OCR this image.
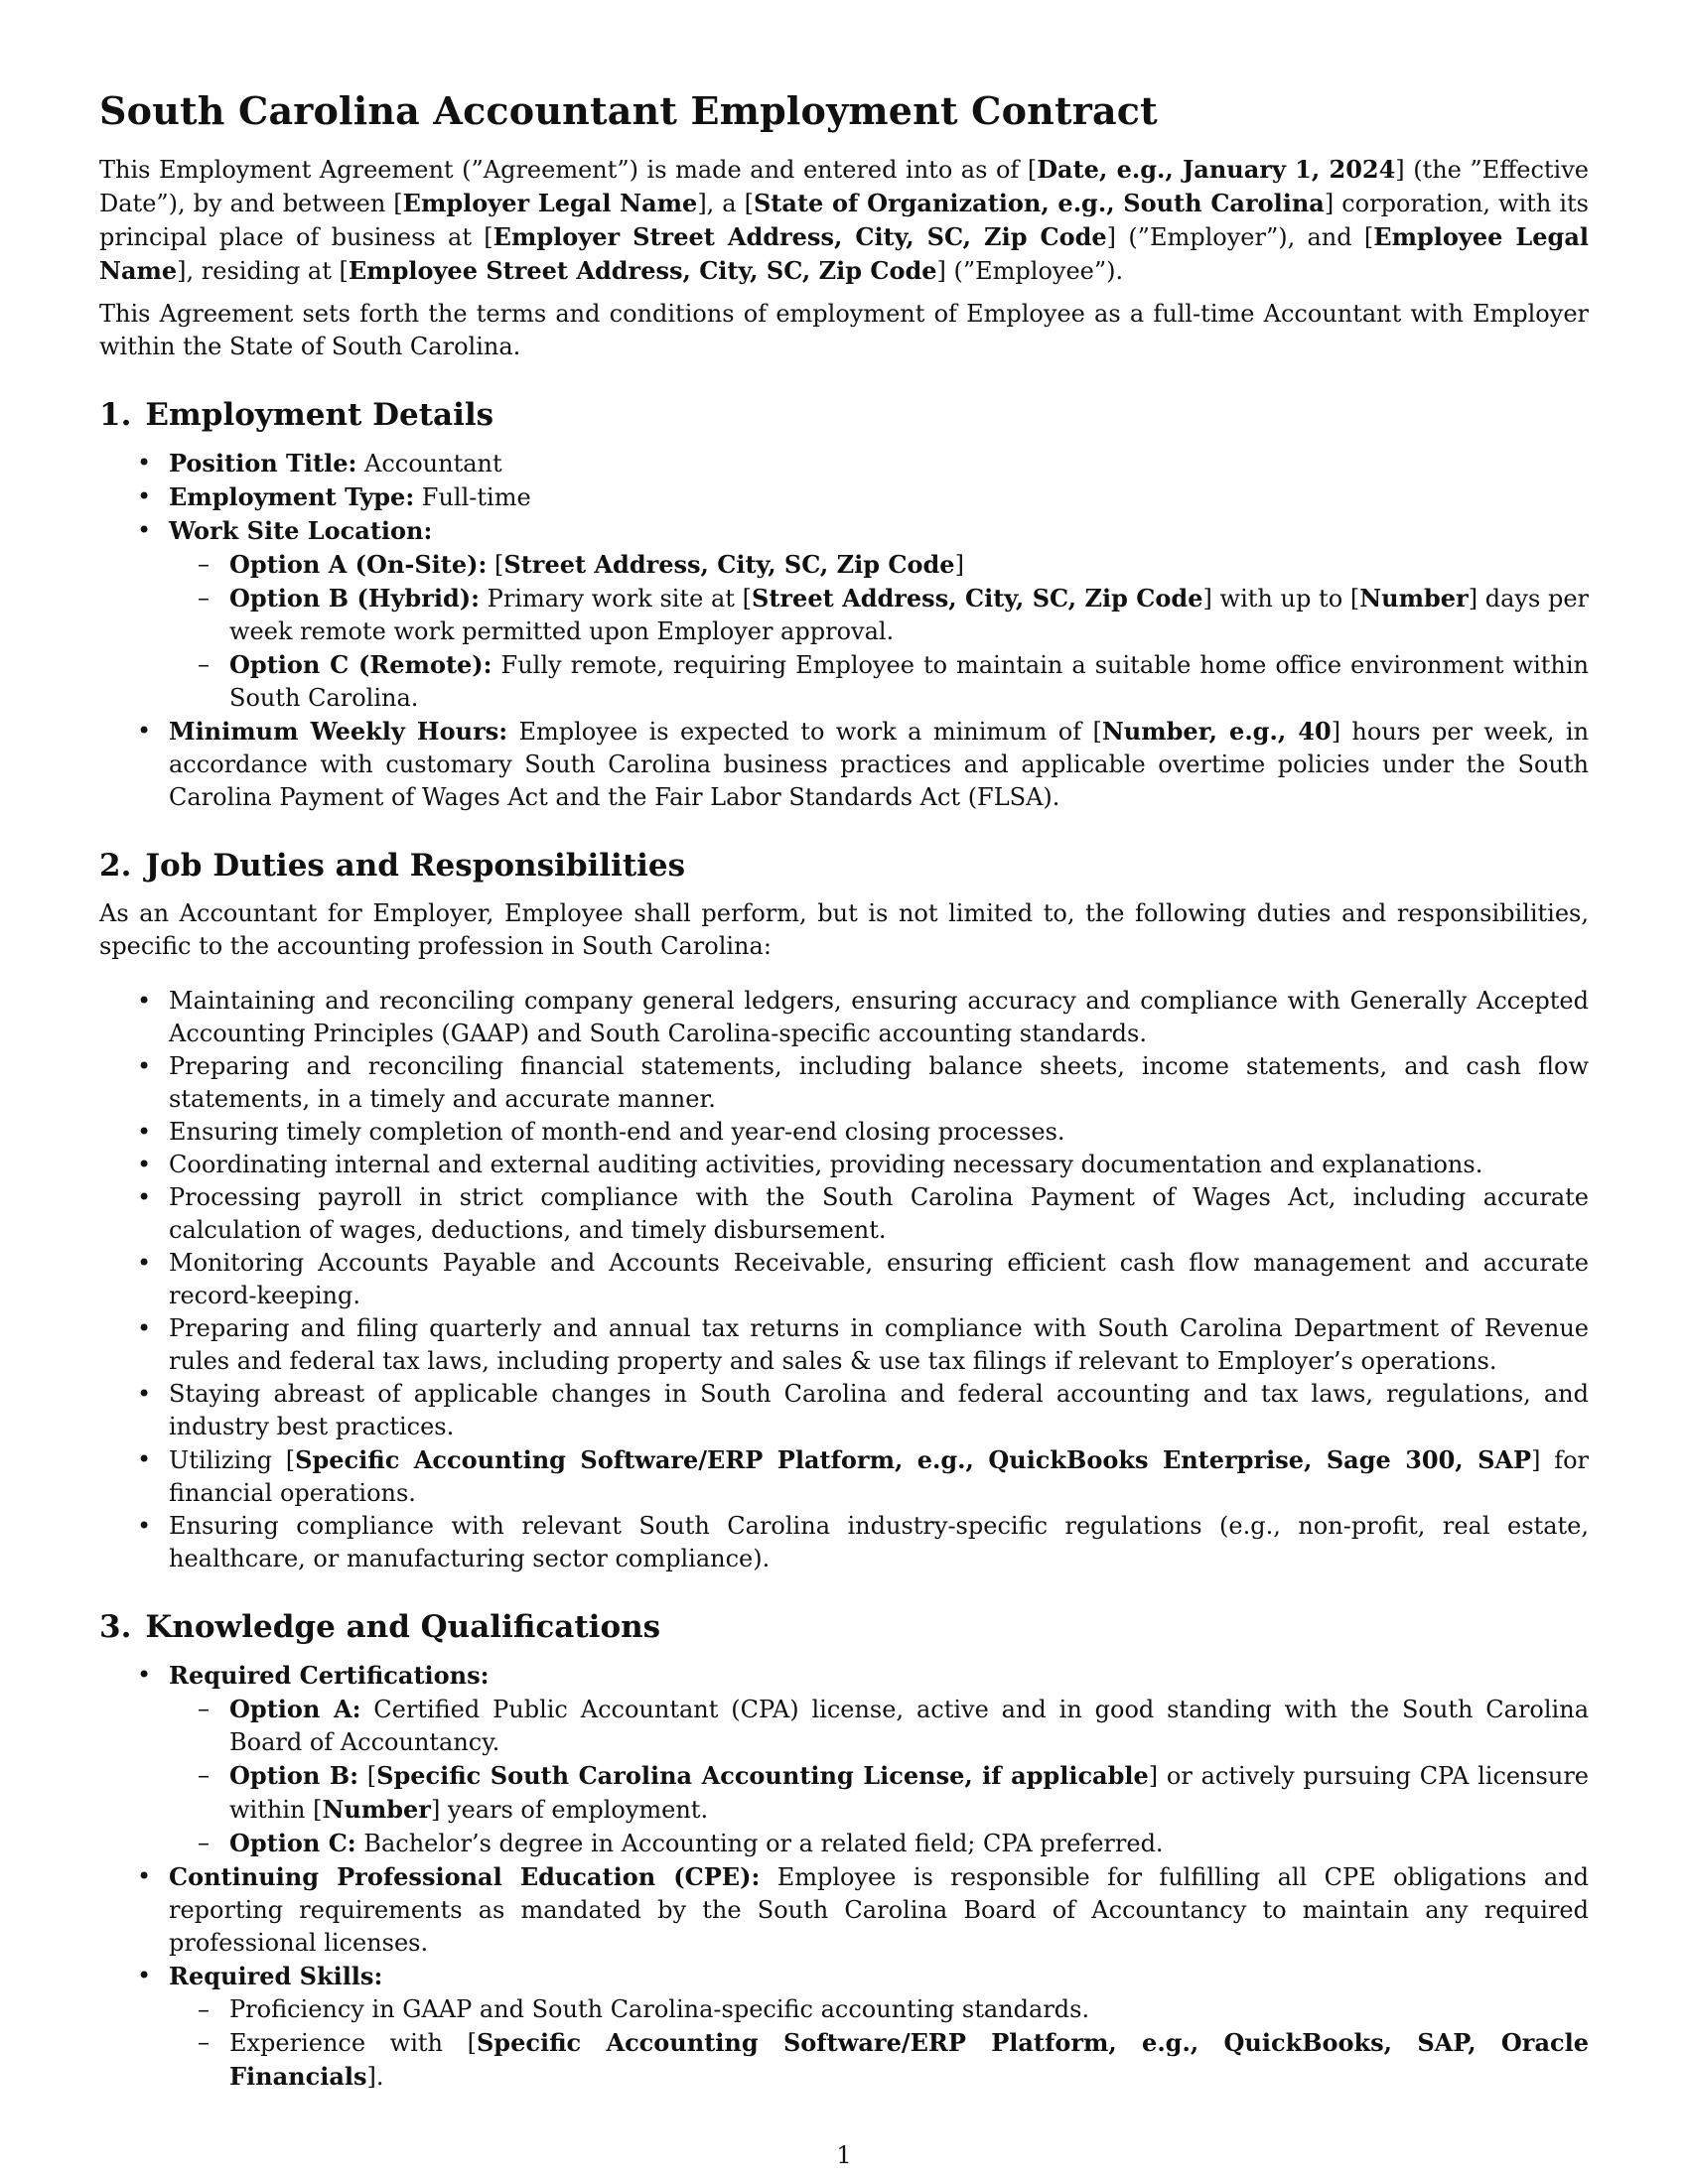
South Carolina Accountant Employment Contract

This Employment Agreement (”Agreement”) is made and entered into as of [Date, e.g., January 1, 2024] (the ”Effective Date”), by and between [Employer Legal Name], a [State of Organization, e.g., South Carolina] corporation, with its principal place of business at [Employer Street Address, City, SC, Zip Code] (”Employer”), and [Employee Legal Name], residing at [Employee Street Address, City, SC, Zip Code] (”Employee”).

This Agreement sets forth the terms and conditions of employment of Employee as a full-time Accountant with Employer within the State of South Carolina.

1. Employment Details
• Position Title: Accountant
• Employment Type: Full-time
• Work Site Location:
– Option A (On-Site): [Street Address, City, SC, Zip Code]
– Option B (Hybrid): Primary work site at [Street Address, City, SC, Zip Code] with up to [Number] days per week remote work permitted upon Employer approval.
– Option C (Remote): Fully remote, requiring Employee to maintain a suitable home office environment within South Carolina.
• Minimum Weekly Hours: Employee is expected to work a minimum of [Number, e.g., 40] hours per week, in accordance with customary South Carolina business practices and applicable overtime policies under the South Carolina Payment of Wages Act and the Fair Labor Standards Act (FLSA).
2. Job Duties and Responsibilities

As an Accountant for Employer, Employee shall perform, but is not limited to, the following duties and responsibilities, specific to the accounting profession in South Carolina:

• Maintaining and reconciling company general ledgers, ensuring accuracy and compliance with Generally Accepted Accounting Principles (GAAP) and South Carolina-specific accounting standards.
• Preparing and reconciling financial statements, including balance sheets, income statements, and cash flow statements, in a timely and accurate manner.
• Ensuring timely completion of month-end and year-end closing processes.
• Coordinating internal and external auditing activities, providing necessary documentation and explanations.
• Processing payroll in strict compliance with the South Carolina Payment of Wages Act, including accurate calculation of wages, deductions, and timely disbursement.
• Monitoring Accounts Payable and Accounts Receivable, ensuring efficient cash flow management and accurate record-keeping.
• Preparing and filing quarterly and annual tax returns in compliance with South Carolina Department of Revenue rules and federal tax laws, including property and sales & use tax filings if relevant to Employer’s operations.
• Staying abreast of applicable changes in South Carolina and federal accounting and tax laws, regulations, and industry best practices.
• Utilizing [Specific Accounting Software/ERP Platform, e.g., QuickBooks Enterprise, Sage 300, SAP] for financial operations.
• Ensuring compliance with relevant South Carolina industry-specific regulations (e.g., non-profit, real estate, healthcare, or manufacturing sector compliance).
3. Knowledge and Qualifications
• Required Certifications:
– Option A: Certified Public Accountant (CPA) license, active and in good standing with the South Carolina Board of Accountancy.
– Option B: [Specific South Carolina Accounting License, if applicable] or actively pursuing CPA licensure within [Number] years of employment.
– Option C: Bachelor’s degree in Accounting or a related field; CPA preferred.
• Continuing Professional Education (CPE): Employee is responsible for fulfilling all CPE obligations and reporting requirements as mandated by the South Carolina Board of Accountancy to maintain any required professional licenses.
• Required Skills:
– Proficiency in GAAP and South Carolina-specific accounting standards.
– Experience with [Specific Accounting Software/ERP Platform, e.g., QuickBooks, SAP, Oracle Financials].
1
